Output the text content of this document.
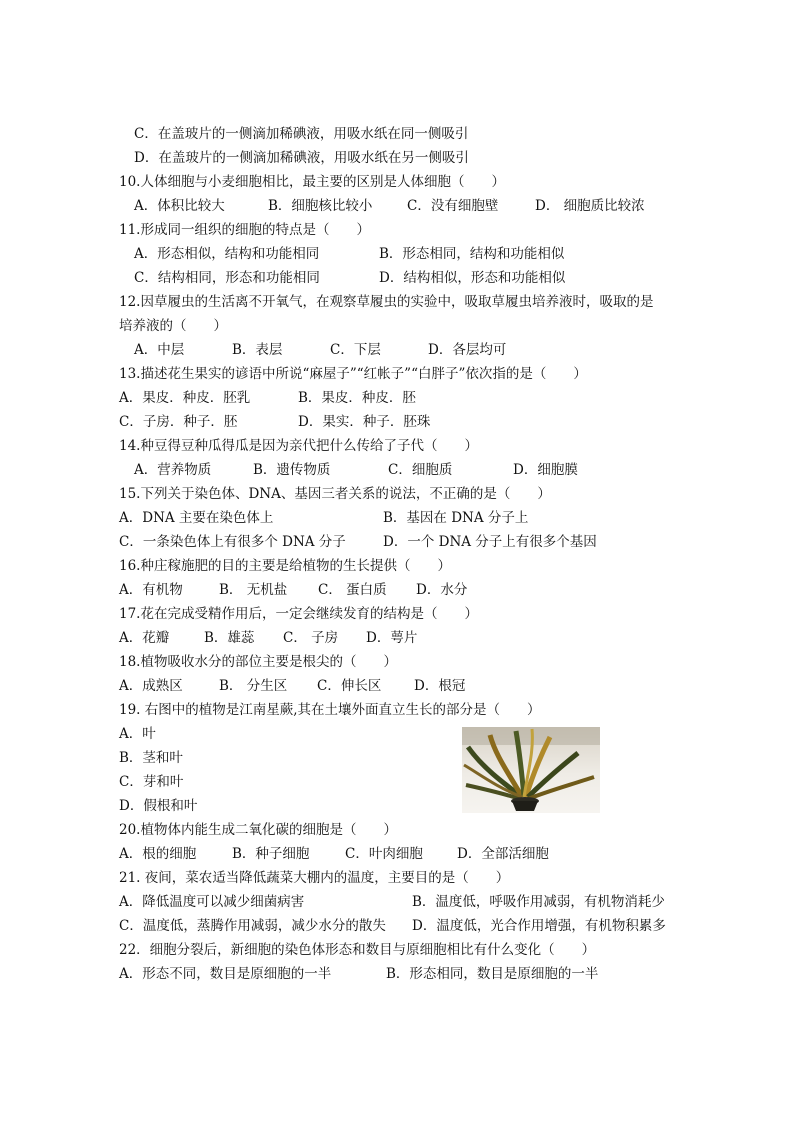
C．在盖玻片的一侧滴加稀碘液，用吸水纸在同一侧吸引
D．在盖玻片的一侧滴加稀碘液，用吸水纸在另一侧吸引
10.人体细胞与小麦细胞相比，最主要的区别是人体细胞（　　）
A．体积比较大	B．细胞核比较小	C．没有细胞壁	D． 细胞质比较浓
11.形成同一组织的细胞的特点是（　　）
A．形态相似，结构和功能相同	B．形态相同，结构和功能相似
C．结构相同，形态和功能相同	D．结构相似，形态和功能相似
12.因草履虫的生活离不开氧气，在观察草履虫的实验中，吸取草履虫培养液时，吸取的是
培养液的（　　）
A．中层	B．表层	C．下层	D．各层均可
13.描述花生果实的谚语中所说“麻屋子”“红帐子”“白胖子”依次指的是（　　）
A．果皮．种皮．胚乳	B．果皮．种皮．胚
C．子房．种子．胚	D．果实．种子．胚珠
14.种豆得豆种瓜得瓜是因为亲代把什么传给了子代（　　）
A．营养物质	B．遗传物质	C．细胞质	D．细胞膜
15.下列关于染色体、DNA、基因三者关系的说法，不正确的是（　　）
A．DNA 主要在染色体上	B．基因在 DNA 分子上
C．一条染色体上有很多个 DNA 分子	D．一个 DNA 分子上有很多个基因
16.种庄稼施肥的目的主要是给植物的生长提供（　　）
A．有机物	B． 无机盐 C． 蛋白质 D．水分
17.花在完成受精作用后，一定会继续发育的结构是（　　）
A．花瓣	B．雄蕊 C． 子房 D．萼片
18.植物吸收水分的部位主要是根尖的（　　）
A．成熟区	B． 分生区 C．伸长区 D．根冠
19. 右图中的植物是江南星蕨,其在土壤外面直立生长的部分是（　　）
A．叶
B．茎和叶
C．芽和叶
D．假根和叶
20.植物体内能生成二氧化碳的细胞是（　　）
A．根的细胞	B．种子细胞	C．叶肉细胞	D．全部活细胞
21. 夜间，菜农适当降低蔬菜大棚内的温度，主要目的是（　　）
A．降低温度可以减少细菌病害	B．温度低，呼吸作用减弱，有机物消耗少
C．温度低，蒸腾作用减弱，减少水分的散失 D．温度低，光合作用增强，有机物积累多
22．细胞分裂后，新细胞的染色体形态和数目与原细胞相比有什么变化（　　）
A．形态不同，数目是原细胞的一半	B．形态相同，数目是原细胞的一半
